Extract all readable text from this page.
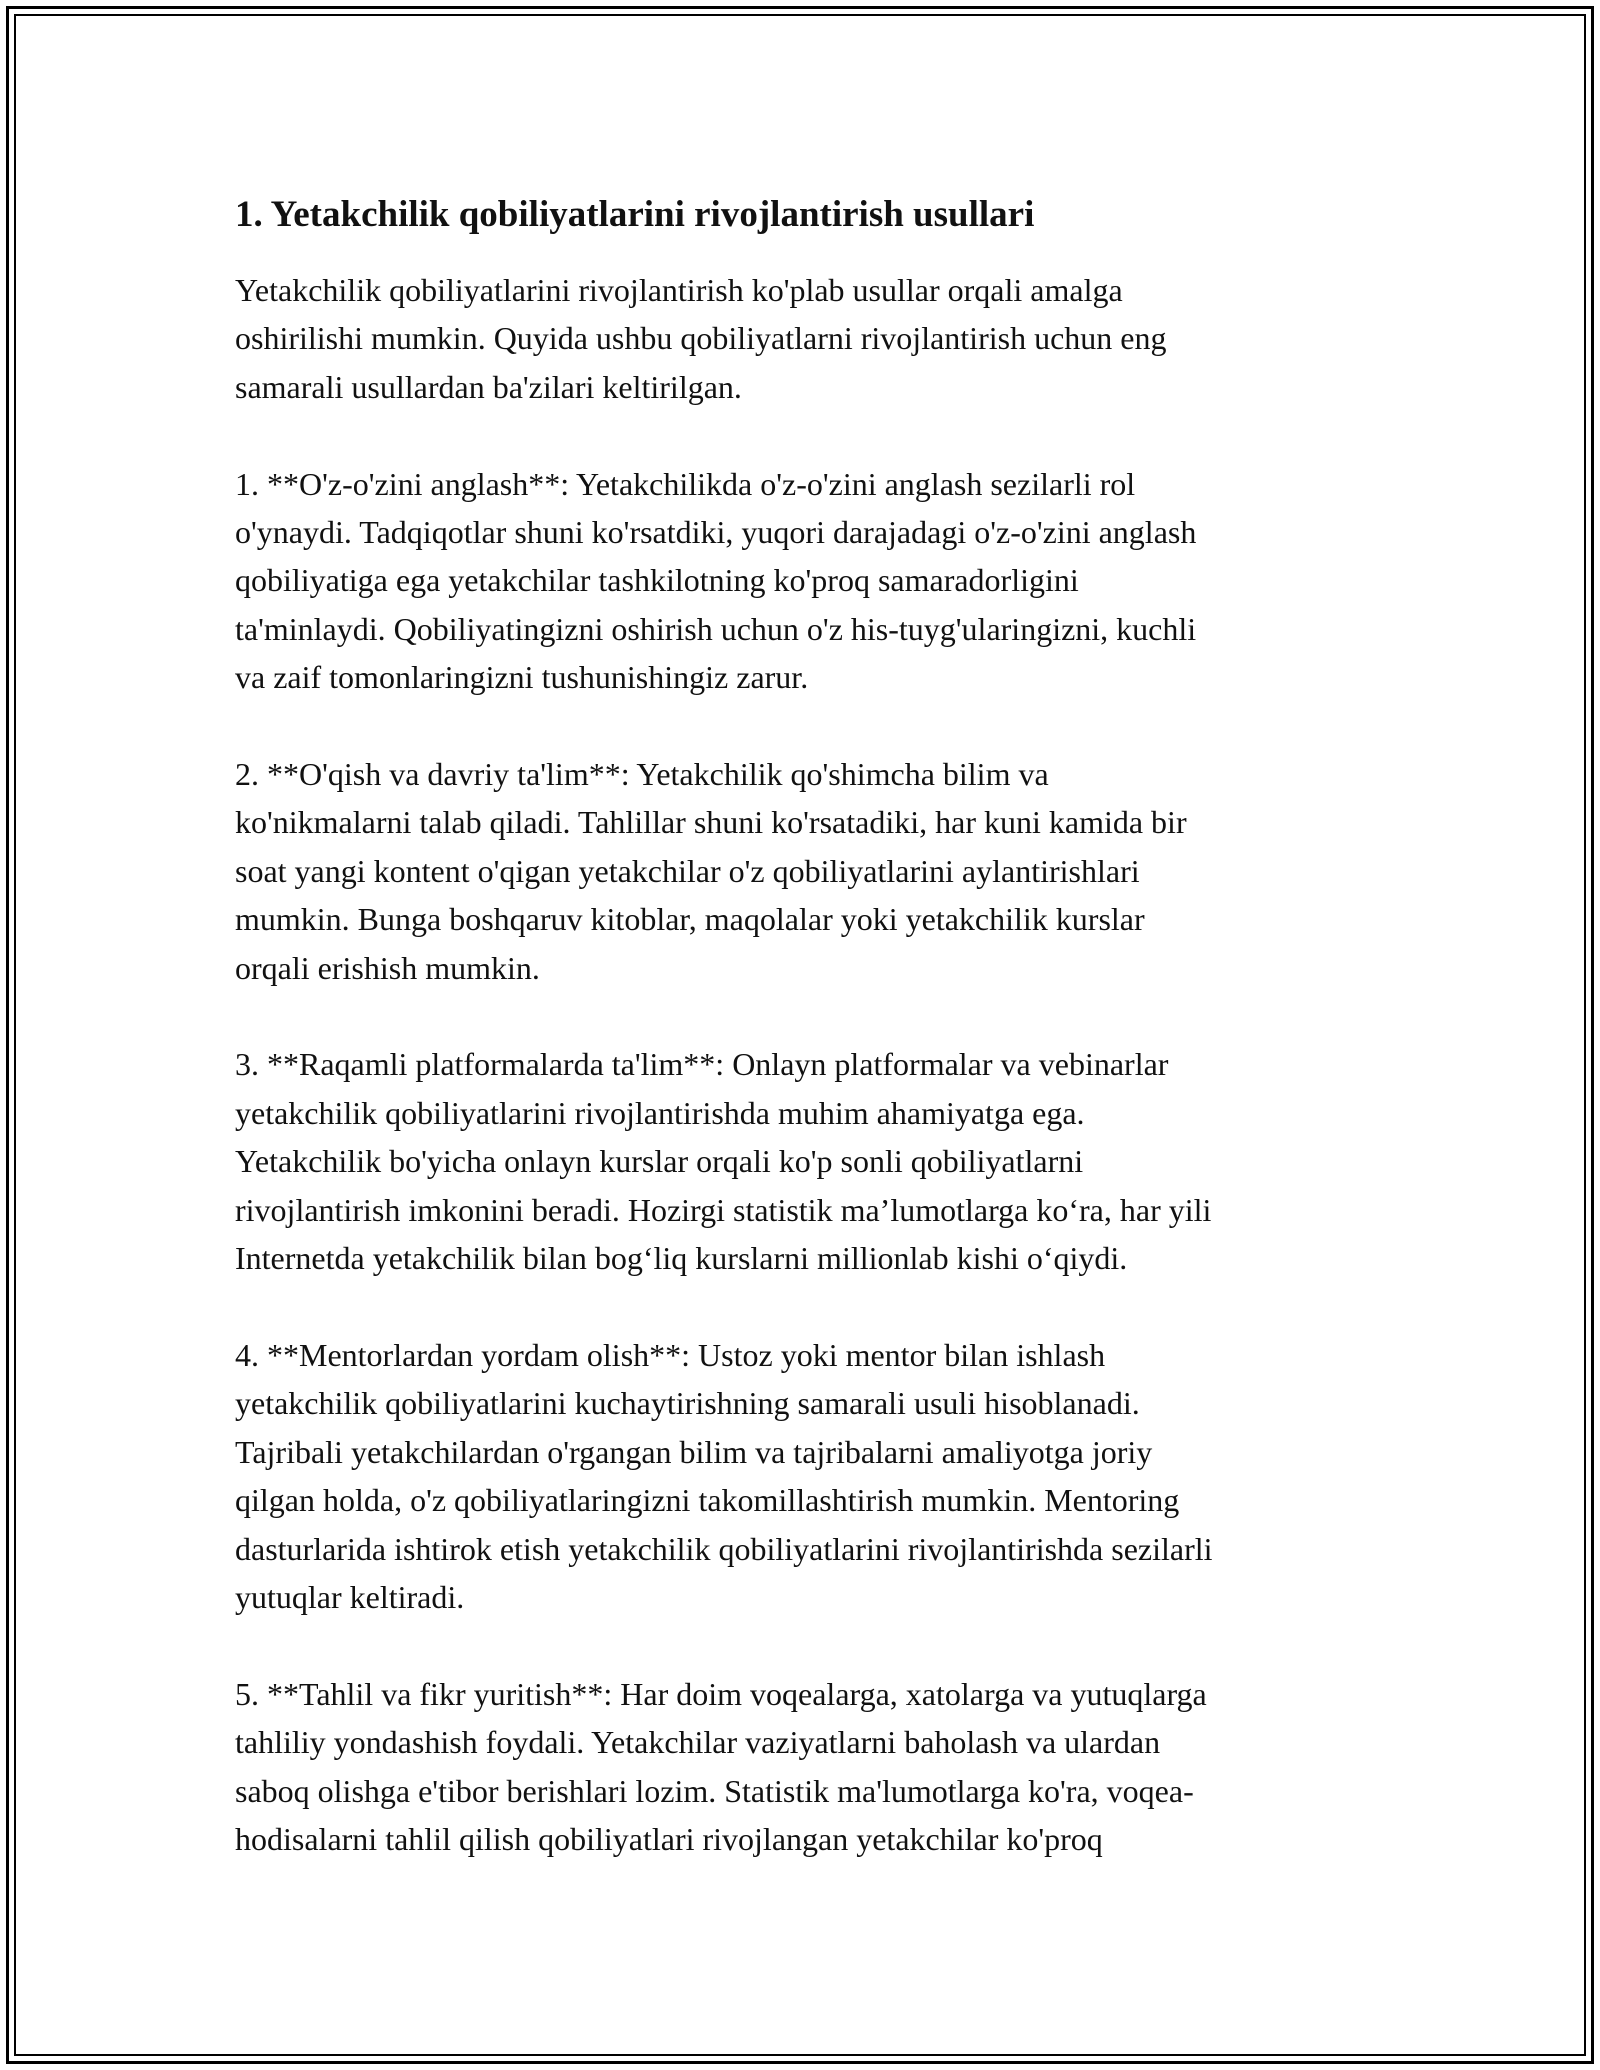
1. Yetakchilik qobiliyatlarini rivojlantirish usullari

Yetakchilik qobiliyatlarini rivojlantirish ko'plab usullar orqali amalga
oshirilishi mumkin. Quyida ushbu qobiliyatlarni rivojlantirish uchun eng
samarali usullardan ba'zilari keltirilgan.

1. **O'z-o'zini anglash**: Yetakchilikda o'z-o'zini anglash sezilarli rol
o'ynaydi. Tadqiqotlar shuni ko'rsatdiki, yuqori darajadagi o'z-o'zini anglash
qobiliyatiga ega yetakchilar tashkilotning ko'proq samaradorligini
ta'minlaydi. Qobiliyatingizni oshirish uchun o'z his-tuyg'ularingizni, kuchli
va zaif tomonlaringizni tushunishingiz zarur.

2. **O'qish va davriy ta'lim**: Yetakchilik qo'shimcha bilim va
ko'nikmalarni talab qiladi. Tahlillar shuni ko'rsatadiki, har kuni kamida bir
soat yangi kontent o'qigan yetakchilar o'z qobiliyatlarini aylantirishlari
mumkin. Bunga boshqaruv kitoblar, maqolalar yoki yetakchilik kurslar
orqali erishish mumkin.

3. **Raqamli platformalarda ta'lim**: Onlayn platformalar va vebinarlar
yetakchilik qobiliyatlarini rivojlantirishda muhim ahamiyatga ega.
Yetakchilik bo'yicha onlayn kurslar orqali ko'p sonli qobiliyatlarni
rivojlantirish imkonini beradi. Hozirgi statistik ma’lumotlarga ko‘ra, har yili
Internetda yetakchilik bilan bog‘liq kurslarni millionlab kishi o‘qiydi.

4. **Mentorlardan yordam olish**: Ustoz yoki mentor bilan ishlash
yetakchilik qobiliyatlarini kuchaytirishning samarali usuli hisoblanadi.
Tajribali yetakchilardan o'rgangan bilim va tajribalarni amaliyotga joriy
qilgan holda, o'z qobiliyatlaringizni takomillashtirish mumkin. Mentoring
dasturlarida ishtirok etish yetakchilik qobiliyatlarini rivojlantirishda sezilarli
yutuqlar keltiradi.

5. **Tahlil va fikr yuritish**: Har doim voqealarga, xatolarga va yutuqlarga
tahliliy yondashish foydali. Yetakchilar vaziyatlarni baholash va ulardan
saboq olishga e'tibor berishlari lozim. Statistik ma'lumotlarga ko'ra, voqea-
hodisalarni tahlil qilish qobiliyatlari rivojlangan yetakchilar ko'proq
